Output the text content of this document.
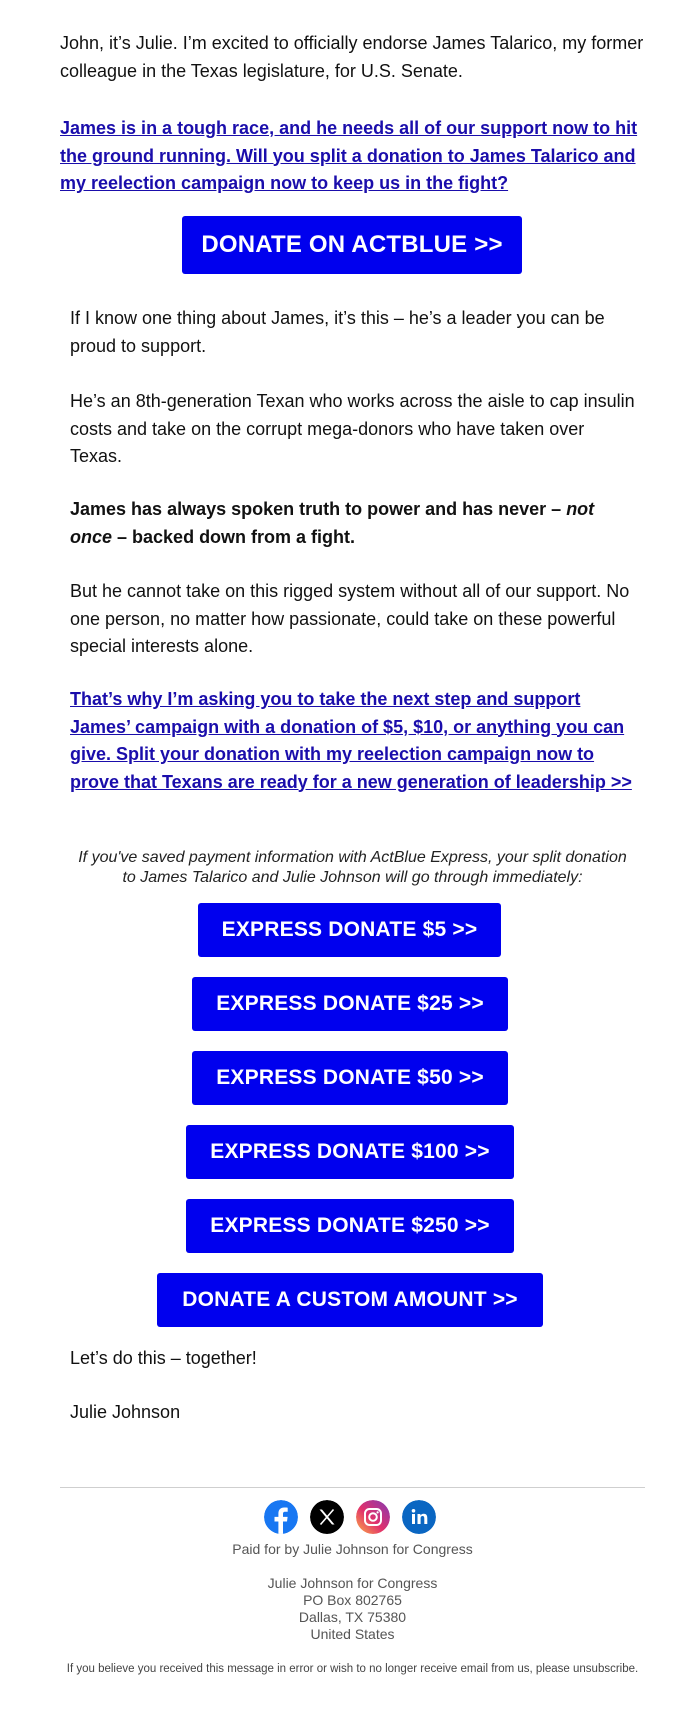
John, it’s Julie. I’m excited to officially endorse James Talarico, my former colleague in the Texas legislature, for U.S. Senate.

James is in a tough race, and he needs all of our support now to hit the ground running. Will you split a donation to James Talarico and my reelection campaign now to keep us in the fight?

DONATE ON ACTBLUE >>

If I know one thing about James, it’s this – he’s a leader you can be proud to support.

He’s an 8th-generation Texan who works across the aisle to cap insulin costs and take on the corrupt mega-donors who have taken over Texas.

James has always spoken truth to power and has never – not once – backed down from a fight.

But he cannot take on this rigged system without all of our support. No one person, no matter how passionate, could take on these powerful special interests alone.

That’s why I’m asking you to take the next step and support James’ campaign with a donation of $5, $10, or anything you can give. Split your donation with my reelection campaign now to prove that Texans are ready for a new generation of leadership >>

If you've saved payment information with ActBlue Express, your split donation to James Talarico and Julie Johnson will go through immediately:
EXPRESS DONATE $5 >>
EXPRESS DONATE $25 >>
EXPRESS DONATE $50 >>
EXPRESS DONATE $100 >>
EXPRESS DONATE $250 >>
DONATE A CUSTOM AMOUNT >>

Let’s do this – together!

Julie Johnson

Paid for by Julie Johnson for Congress
Julie Johnson for Congress
PO Box 802765
Dallas, TX 75380
United States
If you believe you received this message in error or wish to no longer receive email from us, please unsubscribe.
